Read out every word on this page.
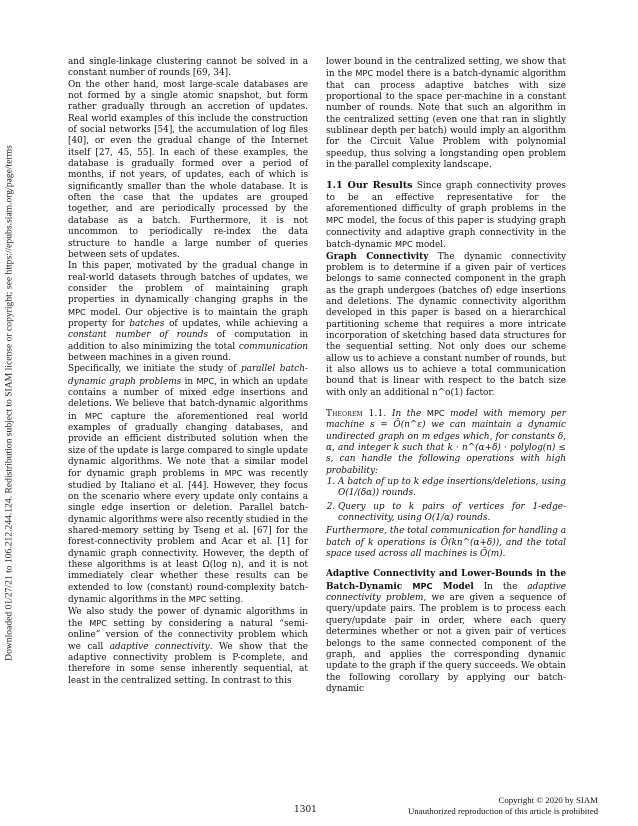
Downloaded 01/27/21 to 106.212.244.124. Redistribution subject to SIAM license or copyright; see https://epubs.siam.org/page/terms

and single-linkage clustering cannot be solved in a constant number of rounds [69, 34].

On the other hand, most large-scale databases are not formed by a single atomic snapshot, but form rather gradually through an accretion of updates. Real world examples of this include the construction of social networks [54], the accumulation of log files [40], or even the gradual change of the Internet itself [27, 45, 55]. In each of these examples, the database is gradually formed over a period of months, if not years, of updates, each of which is significantly smaller than the whole database. It is often the case that the updates are grouped together, and are periodically processed by the database as a batch. Furthermore, it is not uncommon to periodically re-index the data structure to handle a large number of queries between sets of updates.

In this paper, motivated by the gradual change in real-world datasets through batches of updates, we consider the problem of maintaining graph properties in dynamically changing graphs in the MPC model. Our objective is to maintain the graph property for batches of updates, while achieving a constant number of rounds of computation in addition to also minimizing the total communication between machines in a given round.

Specifically, we initiate the study of parallel batch-dynamic graph problems in MPC, in which an update contains a number of mixed edge insertions and deletions. We believe that batch-dynamic algorithms in MPC capture the aforementioned real world examples of gradually changing databases, and provide an efficient distributed solution when the size of the update is large compared to single update dynamic algorithms. We note that a similar model for dynamic graph problems in MPC was recently studied by Italiano et al. [44]. However, they focus on the scenario where every update only contains a single edge insertion or deletion. Parallel batch-dynamic algorithms were also recently studied in the shared-memory setting by Tseng et al. [67] for the forest-connectivity problem and Acar et al. [1] for dynamic graph connectivity. However, the depth of these algorithms is at least Ω(log n), and it is not immediately clear whether these results can be extended to low (constant) round-complexity batch-dynamic algorithms in the MPC setting.

We also study the power of dynamic algorithms in the MPC setting by considering a natural “semi-online” version of the connectivity problem which we call adaptive connectivity. We show that the adaptive connectivity problem is P-complete, and therefore in some sense inherently sequential, at least in the centralized setting. In contrast to this

lower bound in the centralized setting, we show that in the MPC model there is a batch-dynamic algorithm that can process adaptive batches with size proportional to the space per-machine in a constant number of rounds. Note that such an algorithm in the centralized setting (even one that ran in slightly sublinear depth per batch) would imply an algorithm for the Circuit Value Problem with polynomial speedup, thus solving a longstanding open problem in the parallel complexity landscape.

1.1 Our Results Since graph connectivity proves to be an effective representative for the aforementioned difficulty of graph problems in the MPC model, the focus of this paper is studying graph connectivity and adaptive graph connectivity in the batch-dynamic MPC model.

Graph Connectivity The dynamic connectivity problem is to determine if a given pair of vertices belongs to same connected component in the graph as the graph undergoes (batches of) edge insertions and deletions. The dynamic connectivity algorithm developed in this paper is based on a hierarchical partitioning scheme that requires a more intricate incorporation of sketching based data structures for the sequential setting. Not only does our scheme allow us to achieve a constant number of rounds, but it also allows us to achieve a total communication bound that is linear with respect to the batch size with only an additional n^o(1) factor.

Theorem 1.1. In the MPC model with memory per machine s = Õ(n^ε) we can maintain a dynamic undirected graph on m edges which, for constants δ, α, and integer k such that k · n^(α+δ) · polylog(n) ≤ s, can handle the following operations with high probability:

1. A batch of up to k edge insertions/deletions, using O(1/(δα)) rounds.
2. Query up to k pairs of vertices for 1-edge-connectivity, using O(1/α) rounds.

Furthermore, the total communication for handling a batch of k operations is Õ(kn^(α+δ)), and the total space used across all machines is Õ(m).

Adaptive Connectivity and Lower-Bounds in the Batch-Dynamic MPC Model In the adaptive connectivity problem, we are given a sequence of query/update pairs. The problem is to process each query/update pair in order, where each query determines whether or not a given pair of vertices belongs to the same connected component of the graph, and applies the corresponding dynamic update to the graph if the query succeeds. We obtain the following corollary by applying our batch-dynamic

1301
Copyright © 2020 by SIAM
Unauthorized reproduction of this article is prohibited
